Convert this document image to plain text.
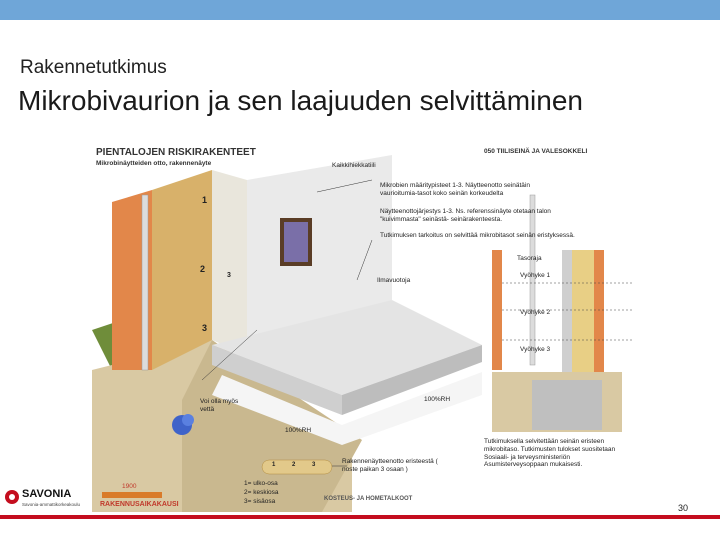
Rakennetutkimus
Mikrobivaurion ja sen laajuuden selvittäminen
PIENTALOJEN RISKIRAKENTEET
Mikrobinäytteiden otto, rakennenäyte
050 TIILISEINÄ JA VALESOKKELI
Kaikkihiekkatiili
Mikrobien määritypisteet 1-3. Näytteenotto seinätäin vaurioitumia-tasot koko seinän korkeudelta
Näytteenottojärjestys 1-3. Ns. referenssinäyte otetaan talon "kuivimmasta" seinästä- seinärakenteesta.
Tutkimuksen tarkoitus on selvittää mikrobitasot seinän eristyksessä.
Tasoraja
Vyöhyke 1
Vyöhyke 2
Vyöhyke 3
Ilmavuotoja
100%RH
100%RH
Voi olla myös vettä
Rakennenäytteenotto eristeestä ( noste paikan 3 osaan )
1= ulko-osa
2= keskiosa
3= sisäosa
Tutkimuksella selvitettään seinän eristeen mikrobitaso. Tutkimusten tulokset suositetaan Sosiaali- ja terveysministeriön Asumisterveysoppaan mukaisesti.
1900
RAKENNUSAIKAKAUSI
KOSTEUS- JA HOMETALKOOT
1
2
3
3
1	2	3
SAVONIA
Savonia-ammattikorkeakoulu	30
